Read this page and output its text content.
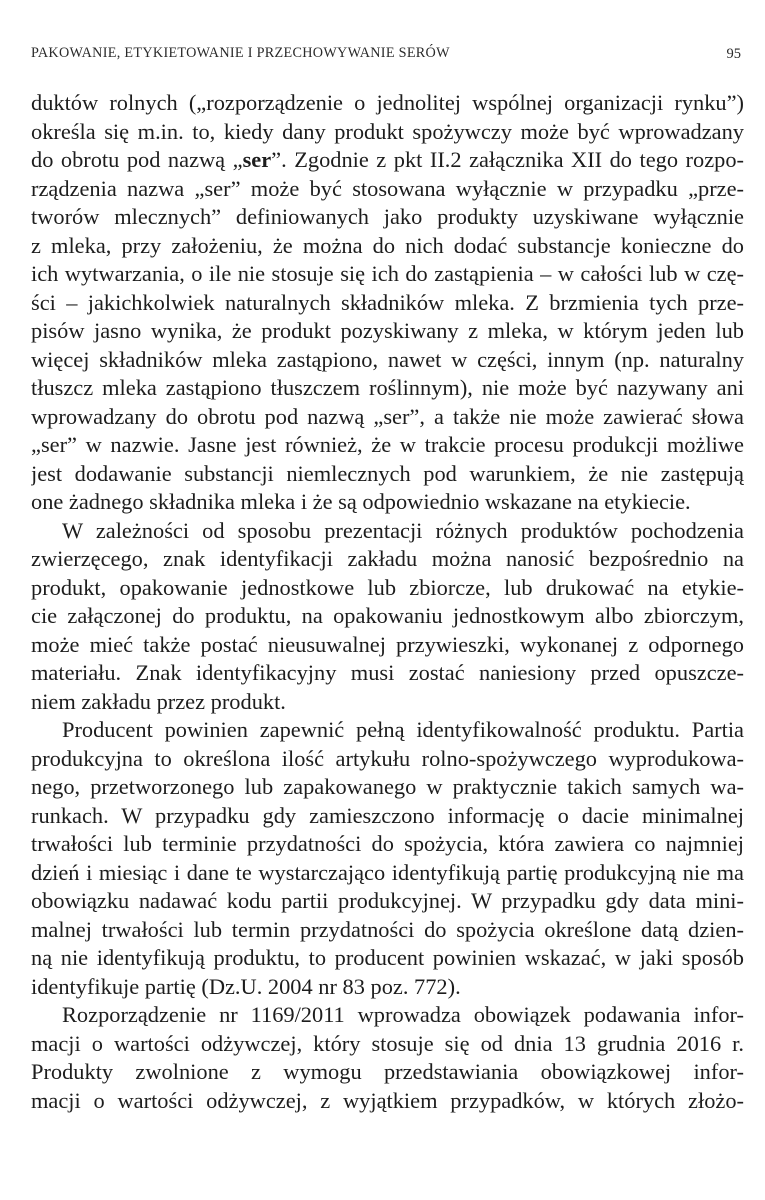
PAKOWANIE, ETYKIETOWANIE I PRZECHOWYWANIE SERÓW	95

duktów rolnych („rozporządzenie o jednolitej wspólnej organizacji rynku”)
określa się m.in. to, kiedy dany produkt spożywczy może być wprowadzany
do obrotu pod nazwą „ser”. Zgodnie z pkt II.2 załącznika XII do tego rozpo-
rządzenia nazwa „ser” może być stosowana wyłącznie w przypadku „prze-
tworów mlecznych” definiowanych jako produkty uzyskiwane wyłącznie
z mleka, przy założeniu, że można do nich dodać substancje konieczne do
ich wytwarzania, o ile nie stosuje się ich do zastąpienia – w całości lub w czę-
ści – jakichkolwiek naturalnych składników mleka. Z brzmienia tych prze-
pisów jasno wynika, że produkt pozyskiwany z mleka, w którym jeden lub
więcej składników mleka zastąpiono, nawet w części, innym (np. naturalny
tłuszcz mleka zastąpiono tłuszczem roślinnym), nie może być nazywany ani
wprowadzany do obrotu pod nazwą „ser”, a także nie może zawierać słowa
„ser” w nazwie. Jasne jest również, że w trakcie procesu produkcji możliwe
jest dodawanie substancji niemlecznych pod warunkiem, że nie zastępują
one żadnego składnika mleka i że są odpowiednio wskazane na etykiecie.

W zależności od sposobu prezentacji różnych produktów pochodzenia
zwierzęcego, znak identyfikacji zakładu można nanosić bezpośrednio na
produkt, opakowanie jednostkowe lub zbiorcze, lub drukować na etykie-
cie załączonej do produktu, na opakowaniu jednostkowym albo zbiorczym,
może mieć także postać nieusuwalnej przywieszki, wykonanej z odpornego
materiału. Znak identyfikacyjny musi zostać naniesiony przed opuszcze-
niem zakładu przez produkt.

Producent powinien zapewnić pełną identyfikowalność produktu. Partia
produkcyjna to określona ilość artykułu rolno-spożywczego wyprodukowa-
nego, przetworzonego lub zapakowanego w praktycznie takich samych wa-
runkach. W przypadku gdy zamieszczono informację o dacie minimalnej
trwałości lub terminie przydatności do spożycia, która zawiera co najmniej
dzień i miesiąc i dane te wystarczająco identyfikują partię produkcyjną nie ma
obowiązku nadawać kodu partii produkcyjnej. W przypadku gdy data mini-
malnej trwałości lub termin przydatności do spożycia określone datą dzien-
ną nie identyfikują produktu, to producent powinien wskazać, w jaki sposób
identyfikuje partię (Dz.U. 2004 nr 83 poz. 772).

Rozporządzenie nr 1169/2011 wprowadza obowiązek podawania infor-
macji o wartości odżywczej, który stosuje się od dnia 13 grudnia 2016 r.
Produkty zwolnione z wymogu przedstawiania obowiązkowej infor-
macji o wartości odżywczej, z wyjątkiem przypadków, w których złożo-
